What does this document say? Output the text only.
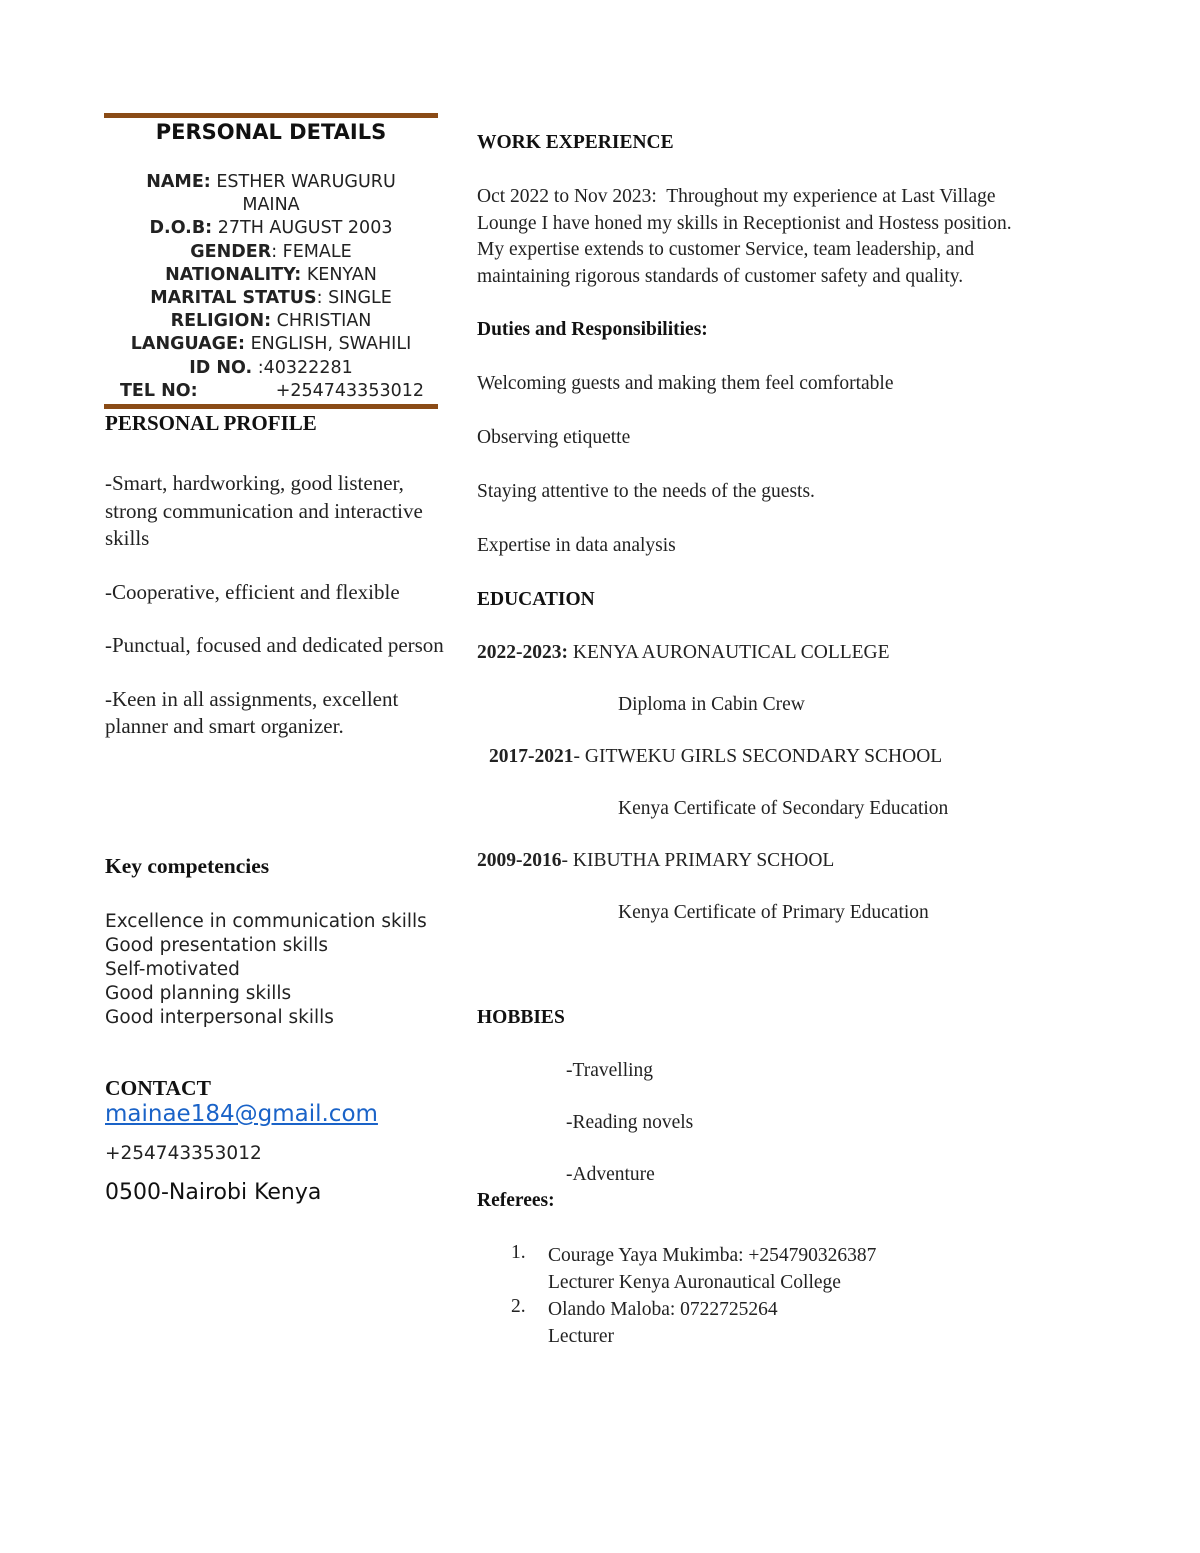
PERSONAL DETAILS
NAME: ESTHER WARUGURU
MAINA
D.O.B: 27TH AUGUST 2003
GENDER: FEMALE
NATIONALITY: KENYAN
MARITAL STATUS: SINGLE
RELIGION: CHRISTIAN
LANGUAGE: ENGLISH, SWAHILI
ID NO. :40322281
TEL NO:	+254743353012
PERSONAL PROFILE

-Smart, hardworking, good listener, strong communication and interactive skills

-Cooperative, efficient and flexible

-Punctual, focused and dedicated person

-Keen in all assignments, excellent planner and smart organizer.

Key competencies
Excellence in communication skills
Good presentation skills
Self-motivated
Good planning skills
Good interpersonal skills
CONTACT
mainae184@gmail.com
+254743353012
0500-Nairobi Kenya
WORK EXPERIENCE
Oct 2022 to Nov 2023:  Throughout my experience at Last Village
Lounge I have honed my skills in Receptionist and Hostess position.
My expertise extends to customer Service, team leadership, and
maintaining rigorous standards of customer safety and quality.
Duties and Responsibilities:
Welcoming guests and making them feel comfortable
Observing etiquette
Staying attentive to the needs of the guests.
Expertise in data analysis
EDUCATION
2022-2023: KENYA AURONAUTICAL COLLEGE
Diploma in Cabin Crew
2017-2021- GITWEKU GIRLS SECONDARY SCHOOL
Kenya Certificate of Secondary Education
2009-2016- KIBUTHA PRIMARY SCHOOL
Kenya Certificate of Primary Education
HOBBIES
-Travelling
-Reading novels
-Adventure
Referees:
1.	Courage Yaya Mukimba: +254790326387
Lecturer Kenya Auronautical College
2.	Olando Maloba: 0722725264
Lecturer
